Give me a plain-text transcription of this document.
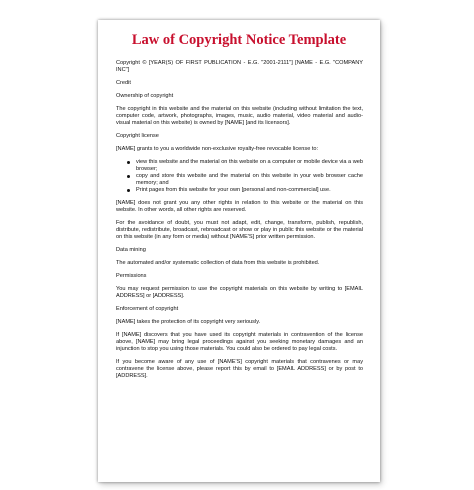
Law of Copyright Notice Template

Copyright © [YEAR(S) OF FIRST PUBLICATION - E.G. "2001-2111"] [NAME - E.G. "COMPANY INC"]

Credit

Ownership of copyright

The copyright in this website and the material on this website (including without limitation the text, computer code, artwork, photographs, images, music, audio material, video material and audio-visual material on this website) is owned by [NAME] [and its licensors].

Copyright license

[NAME] grants to you a worldwide non-exclusive royalty-free revocable license to:

view this website and the material on this website on a computer or mobile device via a web browser;
copy and store this website and the material on this website in your web browser cache memory; and
Print pages from this website for your own [personal and non-commercial] use.

[NAME] does not grant you any other rights in relation to this website or the material on this website. In other words, all other rights are reserved.

For the avoidance of doubt, you must not adapt, edit, change, transform, publish, republish, distribute, redistribute, broadcast, rebroadcast or show or play in public this website or the material on this website (in any form or media) without [NAME'S] prior written permission.

Data mining

The automated and/or systematic collection of data from this website is prohibited.

Permissions

You may request permission to use the copyright materials on this website by writing to [EMAIL ADDRESS] or [ADDRESS].

Enforcement of copyright

[NAME] takes the protection of its copyright very seriously.

If [NAME] discovers that you have used its copyright materials in contravention of the license above, [NAME] may bring legal proceedings against you seeking monetary damages and an injunction to stop you using those materials. You could also be ordered to pay legal costs.

If you become aware of any use of [NAME'S] copyright materials that contravenes or may contravene the license above, please report this by email to [EMAIL ADDRESS] or by post to [ADDRESS].
